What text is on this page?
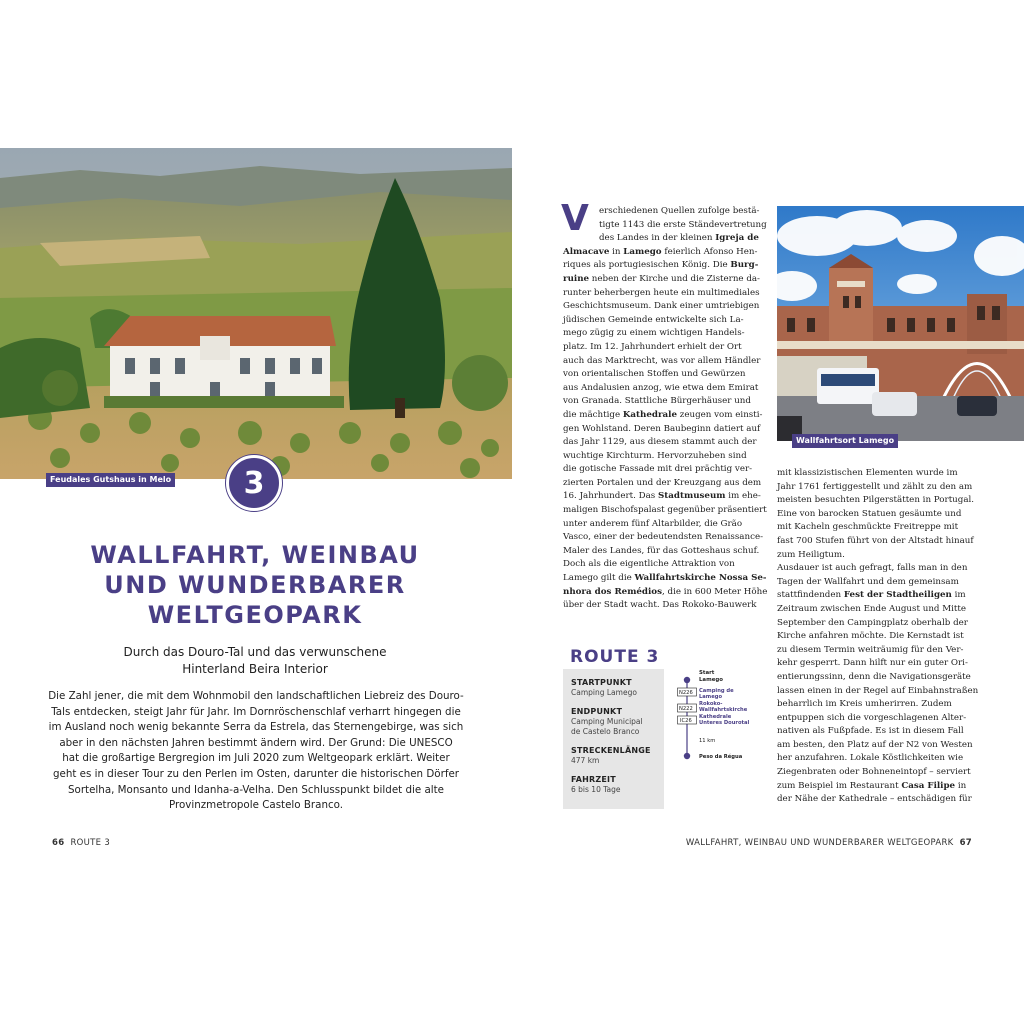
Feudales Gutshaus in Melo	3
WALLFAHRT, WEINBAU
UND WUNDERBARER
WELTGEOPARK
Durch das Douro-Tal und das verwunschene
Hinterland Beira Interior
Die Zahl jener, die mit dem Wohnmobil den landschaftlichen Liebreiz des Douro-
Tals entdecken, steigt Jahr für Jahr. Im Dornröschenschlaf verharrt hingegen die
im Ausland noch wenig bekannte Serra da Estrela, das Sternengebirge, was sich
aber in den nächsten Jahren bestimmt ändern wird. Der Grund: Die UNESCO
hat die großartige Bergregion im Juli 2020 zum Weltgeopark erklärt. Weiter
geht es in dieser Tour zu den Perlen im Osten, darunter die historischen Dörfer
Sortelha, Monsanto und Idanha-a-Velha. Den Schlusspunkt bildet die alte
Provinzmetropole Castelo Branco.
66 ROUTE 3
V	erschiedenen Quellen zufolge bestä-
tigte 1143 die erste Ständevertretung
des Landes in der kleinen Igreja de
Almacave in Lamego feierlich Afonso Hen-
riques als portugiesischen König. Die Burg-
ruine neben der Kirche und die Zisterne da-
runter beherbergen heute ein multimediales
Geschichtsmuseum. Dank einer umtriebigen
jüdischen Gemeinde entwickelte sich La-
mego zügig zu einem wichtigen Handels-
platz. Im 12. Jahrhundert erhielt der Ort
auch das Marktrecht, was vor allem Händler
von orientalischen Stoffen und Gewürzen
aus Andalusien anzog, wie etwa dem Emirat
von Granada. Stattliche Bürgerhäuser und
die mächtige Kathedrale zeugen vom einsti-
gen Wohlstand. Deren Baubeginn datiert auf
das Jahr 1129, aus diesem stammt auch der
wuchtige Kirchturm. Hervorzuheben sind
die gotische Fassade mit drei prächtig ver-
zierten Portalen und der Kreuzgang aus dem
16. Jahrhundert. Das Stadtmuseum im ehe-
maligen Bischofspalast gegenüber präsentiert
unter anderem fünf Altarbilder, die Grão
Vasco, einer der bedeutendsten Renaissance-
Maler des Landes, für das Gotteshaus schuf.
Doch als die eigentliche Attraktion von
Lamego gilt die Wallfahrtskirche Nossa Se-
nhora dos Remédios, die in 600 Meter Höhe
über der Stadt wacht. Das Rokoko-Bauwerk
Wallfahrtsort Lamego
mit klassizistischen Elementen wurde im
Jahr 1761 fertiggestellt und zählt zu den am
meisten besuchten Pilgerstätten in Portugal.
Eine von barocken Statuen gesäumte und
mit Kacheln geschmückte Freitreppe mit
fast 700 Stufen führt von der Altstadt hinauf
zum Heiligtum.
Ausdauer ist auch gefragt, falls man in den
Tagen der Wallfahrt und dem gemeinsam
stattfindenden Fest der Stadtheiligen im
Zeitraum zwischen Ende August und Mitte
September den Campingplatz oberhalb der
Kirche anfahren möchte. Die Kernstadt ist
zu diesem Termin weiträumig für den Ver-
kehr gesperrt. Dann hilft nur ein guter Ori-
entierungssinn, denn die Navigationsgeräte
lassen einen in der Regel auf Einbahnstraßen
beharrlich im Kreis umherirren. Zudem
entpuppen sich die vorgeschlagenen Alter-
nativen als Fußpfade. Es ist in diesem Fall
am besten, den Platz auf der N2 von Westen
her anzufahren. Lokale Köstlichkeiten wie
Ziegenbraten oder Bohneneintopf – serviert
zum Beispiel im Restaurant Casa Filipe in
der Nähe der Kathedrale – entschädigen für
ROUTE 3
STARTPUNKT
Camping Lamego
ENDPUNKT
Camping Municipal
de Castelo Branco
STRECKENLÄNGE
477 km
FAHRZEIT
6 bis 10 Tage
Start
Lamego
N226
N222
IC26
Camping de
Lamego
Rokoko-
Wallfahrtskirche
Kathedrale
Unteres Dourotal
11 km
Peso da Régua
WALLFAHRT, WEINBAU UND WUNDERBARER WELTGEOPARK 67
